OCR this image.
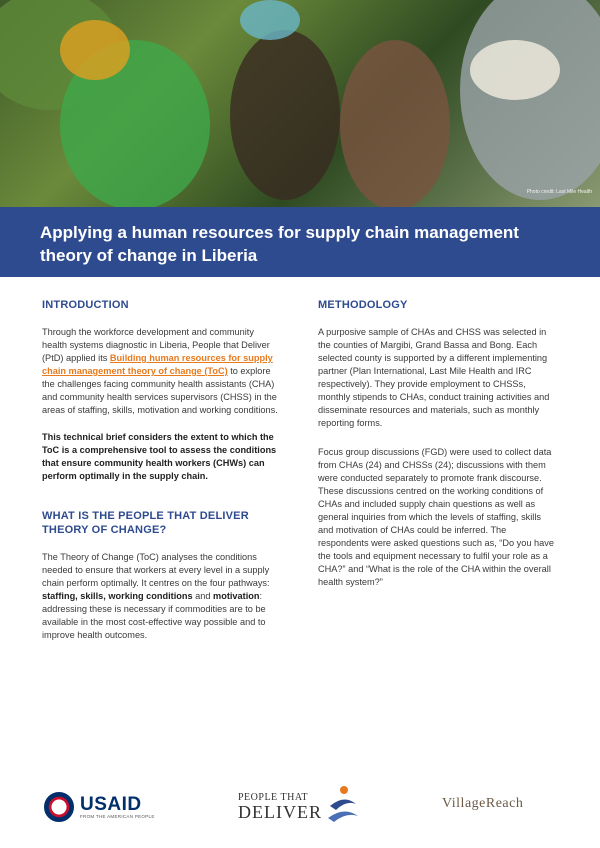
Photo credit: Last Mile Health
Applying a human resources for supply chain management theory of change in Liberia
INTRODUCTION

Through the workforce development and community health systems diagnostic in Liberia, People that Deliver (PtD) applied its Building human resources for supply chain management theory of change (ToC) to explore the challenges facing community health assistants (CHA) and community health services supervisors (CHSS) in the areas of staffing, skills, motivation and working conditions.

This technical brief considers the extent to which the ToC is a comprehensive tool to assess the conditions that ensure community health workers (CHWs) can perform optimally in the supply chain.

WHAT IS THE PEOPLE THAT DELIVER THEORY OF CHANGE?

The Theory of Change (ToC) analyses the conditions needed to ensure that workers at every level in a supply chain perform optimally. It centres on the four pathways: staffing, skills, working conditions and motivation: addressing these is necessary if commodities are to be available in the most cost-effective way possible and to improve health outcomes.

METHODOLOGY

A purposive sample of CHAs and CHSS was selected in the counties of Margibi, Grand Bassa and Bong. Each selected county is supported by a different implementing partner (Plan International, Last Mile Health and IRC respectively). They provide employment to CHSSs, monthly stipends to CHAs, conduct training activities and disseminate resources and materials, such as monthly reporting forms.

Focus group discussions (FGD) were used to collect data from CHAs (24) and CHSSs (24); discussions with them were conducted separately to promote frank discourse. These discussions centred on the working conditions of CHAs and included supply chain questions as well as general inquiries from which the levels of staffing, skills and motivation of CHAs could be inferred. The respondents were asked questions such as, “Do you have the tools and equipment necessary to fulfil your role as a CHA?” and “What is the role of the CHA within the overall health system?”

USAID
FROM THE AMERICAN PEOPLE
PEOPLE THAT
DELIVER	VillageReach
